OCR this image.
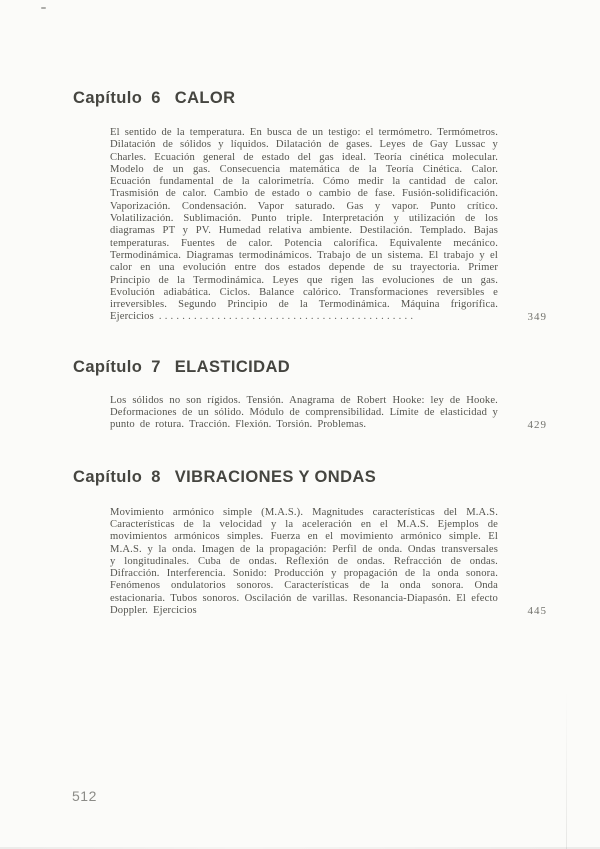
Capítulo 6 CALOR

El sentido de la temperatura. En busca de un testigo: el termómetro. Termómetros. Dilatación de sólidos y líquidos. Dilatación de gases. Leyes de Gay Lussac y Charles. Ecuación general de estado del gas ideal. Teoría cinética molecular. Modelo de un gas. Consecuencia matemática de la Teoría Cinética. Calor. Ecuación fundamental de la calorimetría. Cómo medir la cantidad de calor. Trasmisión de calor. Cambio de estado o cambio de fase. Fusión-solidificación. Vaporización. Condensación. Vapor saturado. Gas y vapor. Punto crítico. Volatilización. Sublimación. Punto triple. Interpretación y utilización de los diagramas PT y PV. Humedad relativa ambiente. Destilación. Templado. Bajas temperaturas. Fuentes de calor. Potencia calorífica. Equivalente mecánico. Termodinámica. Diagramas termodinámicos. Trabajo de un sistema. El trabajo y el calor en una evolución entre dos estados depende de su trayectoria. Primer Principio de la Termodinámica. Leyes que rigen las evoluciones de un gas. Evolución adiabática. Ciclos. Balance calórico. Transformaciones reversibles e irreversibles. Segundo Principio de la Termodinámica. Máquina frigorífica. Ejercicios ............................................	349
Capítulo 7 ELASTICIDAD

Los sólidos no son rígidos. Tensión. Anagrama de Robert Hooke: ley de Hooke. Deformaciones de un sólido. Módulo de comprensibilidad. Límite de elasticidad y punto de rotura. Tracción. Flexión. Torsión. Problemas.	429
Capítulo 8 VIBRACIONES Y ONDAS

Movimiento armónico simple (M.A.S.). Magnitudes características del M.A.S. Características de la velocidad y la aceleración en el M.A.S. Ejemplos de movimientos armónicos simples. Fuerza en el movimiento armónico simple. El M.A.S. y la onda. Imagen de la propagación: Perfil de onda. Ondas transversales y longitudinales. Cuba de ondas. Reflexión de ondas. Refracción de ondas. Difracción. Interferencia. Sonido: Producción y propagación de la onda sonora. Fenómenos ondulatorios sonoros. Características de la onda sonora. Onda estacionaria. Tubos sonoros. Oscilación de varillas. Resonancia-Diapasón. El efecto Doppler. Ejercicios	445
512
